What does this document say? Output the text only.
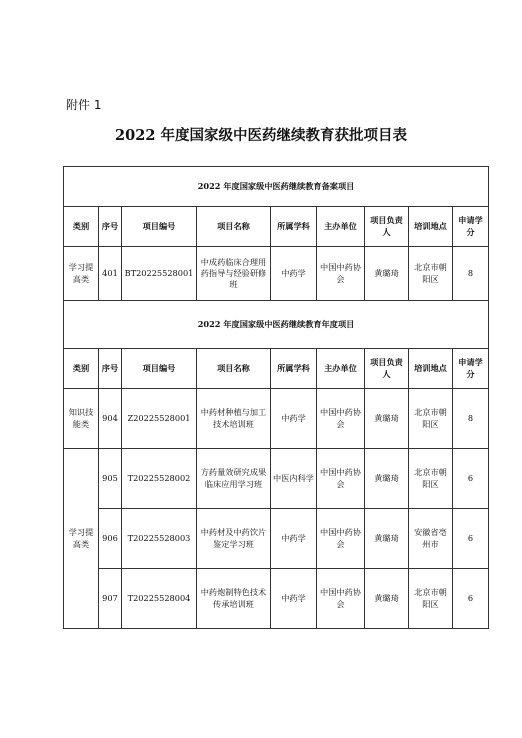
附件 1
2022 年度国家级中医药继续教育获批项目表
2022 年度国家级中医药继续教育备案项目								
类别	序号	项目编号	项目名称	所属学科	主办单位	项目负责人	培训地点	申请学分
学习提高类	401	BT20225528001	中成药临床合理用药指导与经验研修班	中药学	中国中药协会	黄璐琦	北京市朝阳区	8
2022 年度国家级中医药继续教育年度项目								
类别	序号	项目编号	项目名称	所属学科	主办单位	项目负责人	培训地点	申请学分
知识技能类	904	Z20225528001	中药材种植与加工技术培训班	中药学	中国中药协会	黄璐琦	北京市朝阳区	8
学习提高类	905	T20225528002	方药量效研究成果临床应用学习班	中医内科学	中国中药协会	黄璐琦	北京市朝阳区	6
	906	T20225528003	中药材及中药饮片鉴定学习班	中药学	中国中药协会	黄璐琦	安徽省亳州市	6
	907	T20225528004	中药炮制特色技术传承培训班	中药学	中国中药协会	黄璐琦	北京市朝阳区	6
